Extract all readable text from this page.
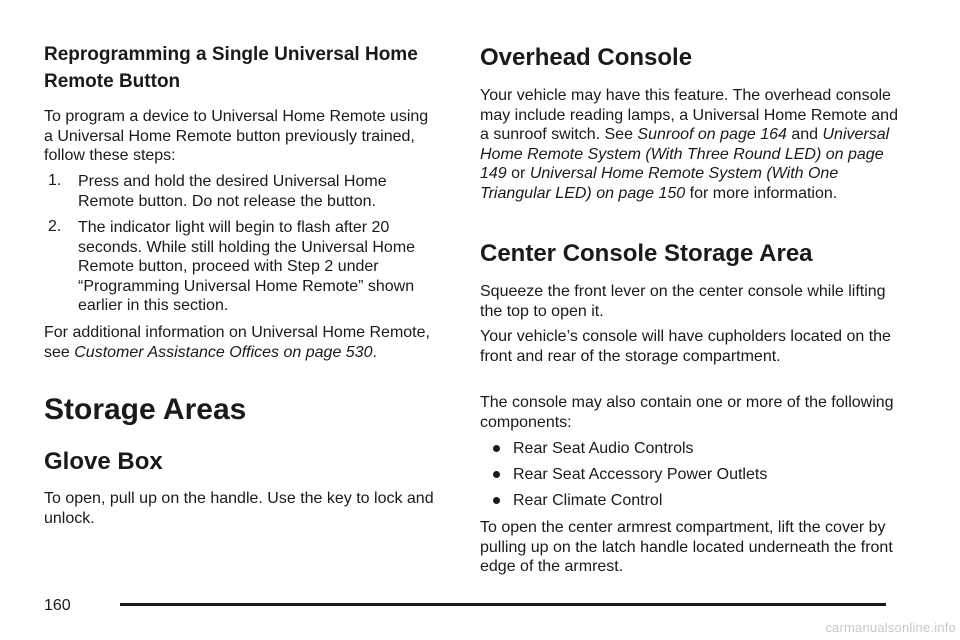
Reprogramming a Single Universal Home Remote Button

To program a device to Universal Home Remote using a Universal Home Remote button previously trained, follow these steps:

1. Press and hold the desired Universal Home Remote button. Do not release the button.

2. The indicator light will begin to flash after 20 seconds. While still holding the Universal Home Remote button, proceed with Step 2 under “Programming Universal Home Remote” shown earlier in this section.

For additional information on Universal Home Remote, see Customer Assistance Offices on page 530.

Storage Areas
Glove Box

To open, pull up on the handle. Use the key to lock and unlock.

Overhead Console

Your vehicle may have this feature. The overhead console may include reading lamps, a Universal Home Remote and a sunroof switch. See Sunroof on page 164 and Universal Home Remote System (With Three Round LED) on page 149 or Universal Home Remote System (With One Triangular LED) on page 150 for more information.

Center Console Storage Area

Squeeze the front lever on the center console while lifting the top to open it.

Your vehicle’s console will have cupholders located on the front and rear of the storage compartment.

The console may also contain one or more of the following components:

Rear Seat Audio Controls

Rear Seat Accessory Power Outlets

Rear Climate Control

To open the center armrest compartment, lift the cover by pulling up on the latch handle located underneath the front edge of the armrest.

160
carmanualsonline.info
